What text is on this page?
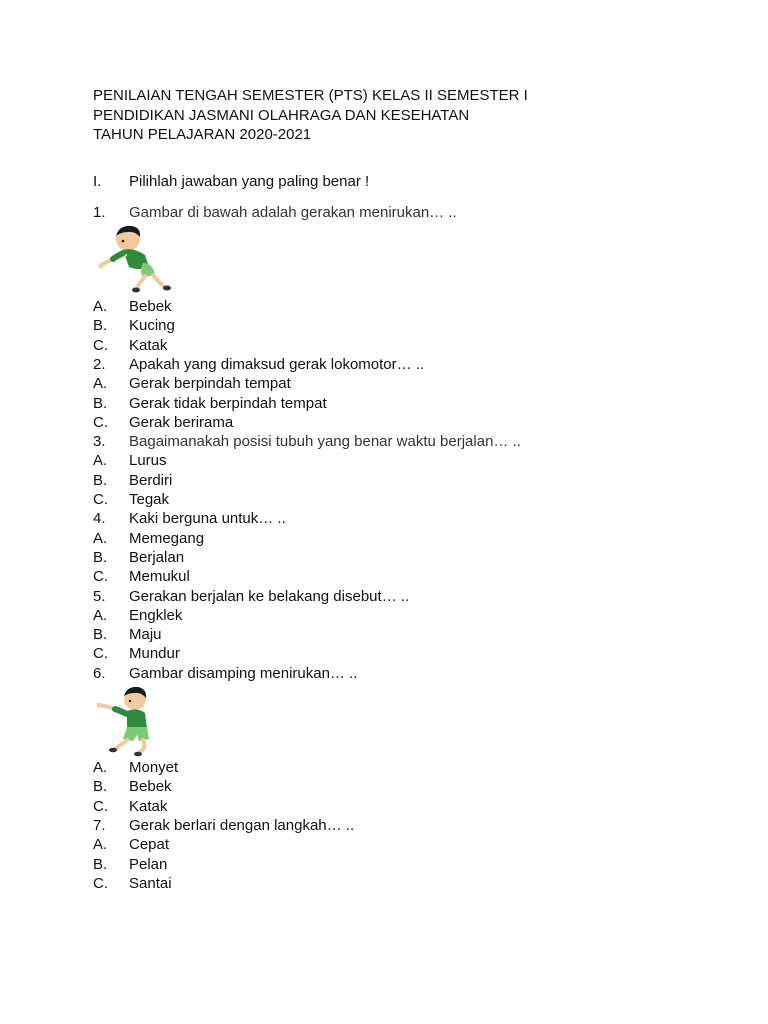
PENILAIAN TENGAH SEMESTER (PTS) KELAS II SEMESTER I

PENDIDIKAN JASMANI OLAHRAGA DAN KESEHATAN

TAHUN PELAJARAN 2020-2021

I.	Pilihlah jawaban yang paling benar !
1.	Gambar di bawah adalah gerakan menirukan… ..
A.	Bebek
B.	Kucing
C.	Katak
2.	Apakah yang dimaksud gerak lokomotor… ..
A.	Gerak berpindah tempat
B.	Gerak tidak berpindah tempat
C.	Gerak berirama
3.	Bagaimanakah posisi tubuh yang benar waktu berjalan… ..
A.	Lurus
B.	Berdiri
C.	Tegak
4.	Kaki berguna untuk… ..
A.	Memegang
B.	Berjalan
C.	Memukul
5.	Gerakan berjalan ke belakang disebut… ..
A.	Engklek
B.	Maju
C.	Mundur
6.	Gambar disamping menirukan… ..
A.	Monyet
B.	Bebek
C.	Katak
7.	Gerak berlari dengan langkah… ..
A.	Cepat
B.	Pelan
C.	Santai
